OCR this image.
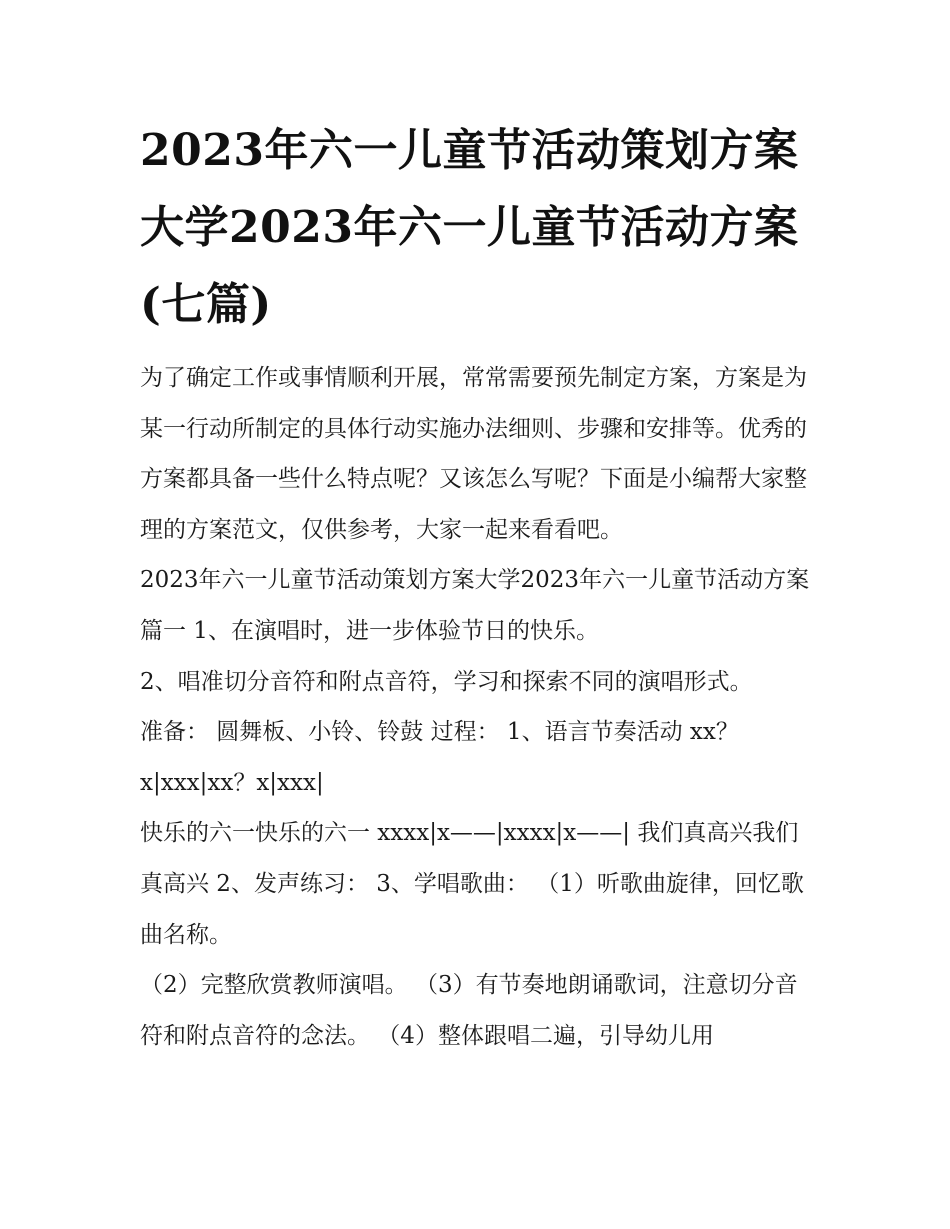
2023年六一儿童节活动策划方案大学2023年六一儿童节活动方案(七篇)

为了确定工作或事情顺利开展，常常需要预先制定方案，方案是为某一行动所制定的具体行动实施办法细则、步骤和安排等。优秀的方案都具备一些什么特点呢？又该怎么写呢？下面是小编帮大家整理的方案范文，仅供参考，大家一起来看看吧。

2023年六一儿童节活动策划方案大学2023年六一儿童节活动方案篇一 1、在演唱时，进一步体验节日的快乐。

2、唱准切分音符和附点音符，学习和探索不同的演唱形式。

准备： 圆舞板、小铃、铃鼓 过程： 1、语言节奏活动 xx？x|xxx|xx？x|xxx|

快乐的六一快乐的六一 xxxx|x——|xxxx|x——| 我们真高兴我们真高兴 2、发声练习： 3、学唱歌曲： （1）听歌曲旋律，回忆歌曲名称。

（2）完整欣赏教师演唱。 （3）有节奏地朗诵歌词，注意切分音符和附点音符的念法。 （4）整体跟唱二遍，引导幼儿用
